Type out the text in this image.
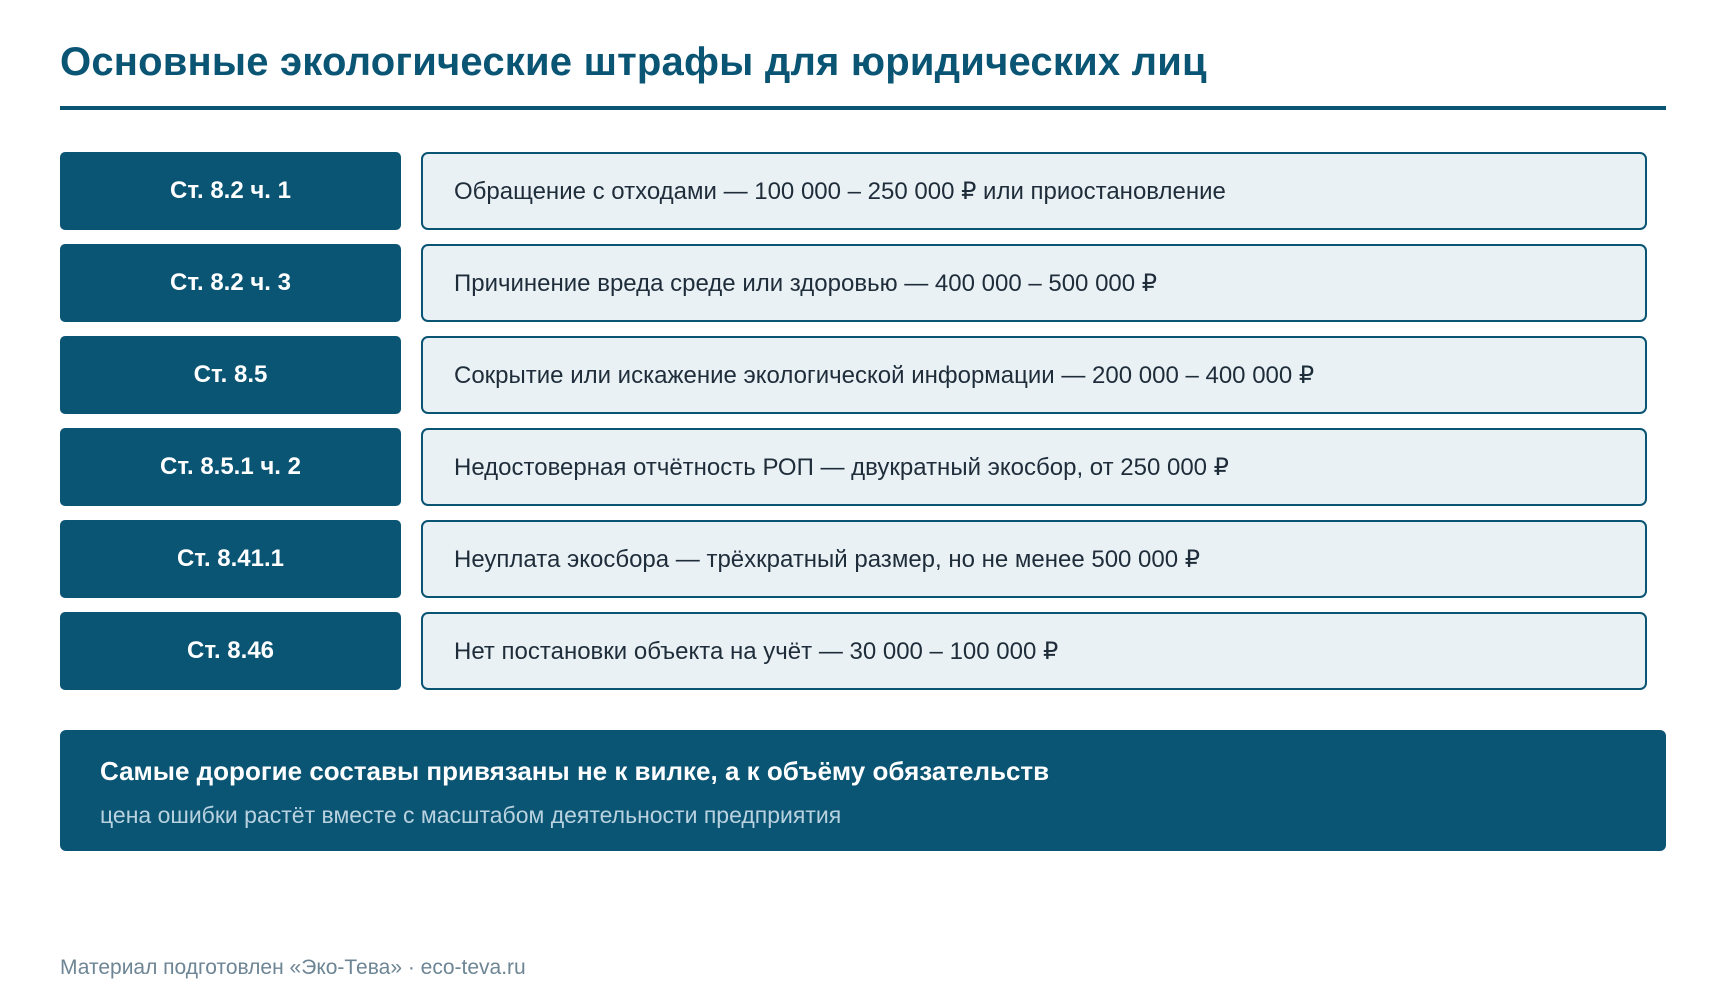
Основные экологические штрафы для юридических лиц
Ст. 8.2 ч. 1	Обращение с отходами — 100 000 – 250 000 ₽ или приостановление
Ст. 8.2 ч. 3	Причинение вреда среде или здоровью — 400 000 – 500 000 ₽
Ст. 8.5	Сокрытие или искажение экологической информации — 200 000 – 400 000 ₽
Ст. 8.5.1 ч. 2	Недостоверная отчётность РОП — двукратный экосбор, от 250 000 ₽
Ст. 8.41.1	Неуплата экосбора — трёхкратный размер, но не менее 500 000 ₽
Ст. 8.46	Нет постановки объекта на учёт — 30 000 – 100 000 ₽
Самые дорогие составы привязаны не к вилке, а к объёму обязательств
цена ошибки растёт вместе с масштабом деятельности предприятия
Материал подготовлен «Эко-Тева» · eco-teva.ru
